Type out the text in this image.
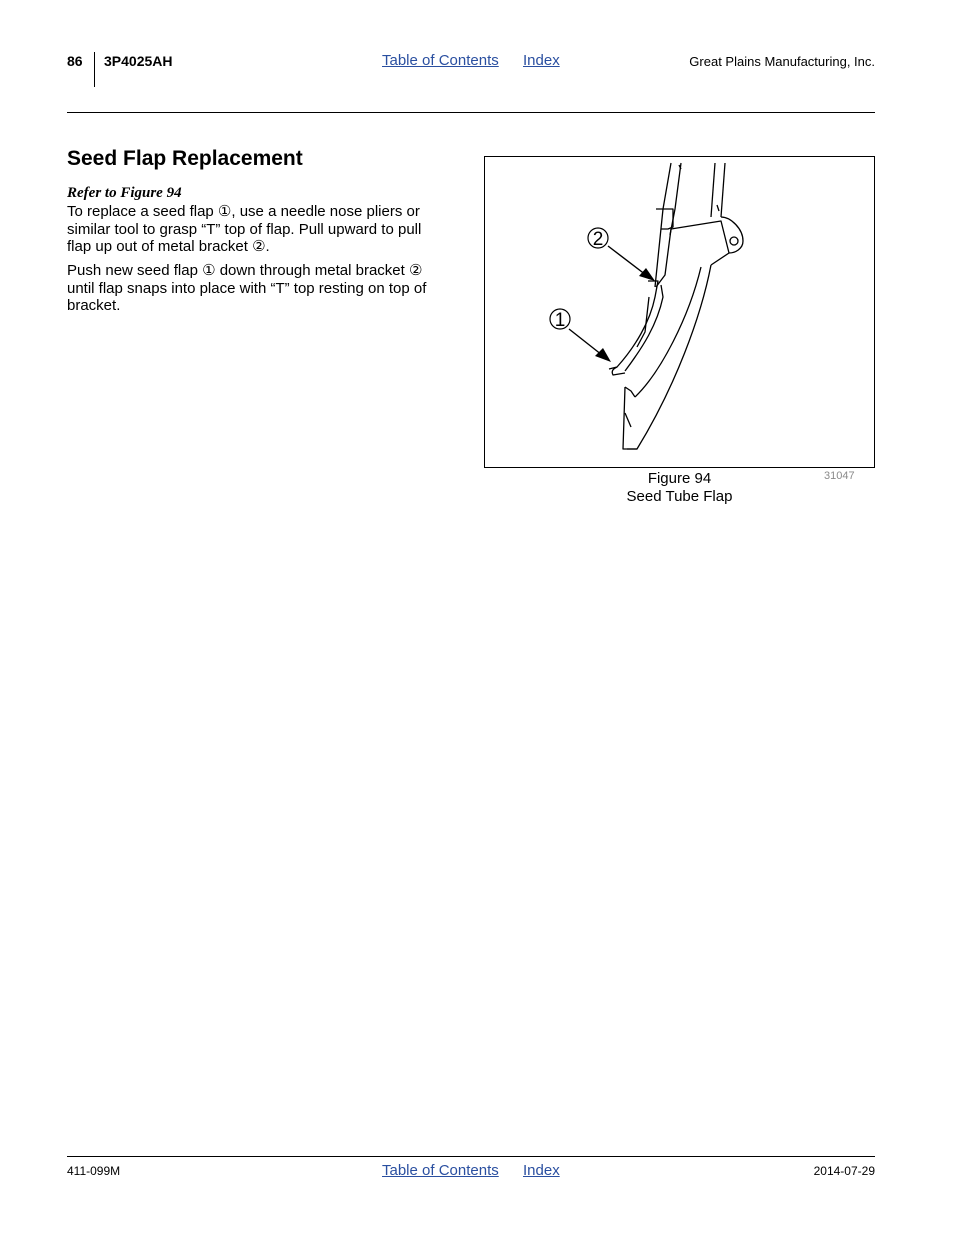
86 3P4025AH	Table of Contents Index	Great Plains Manufacturing, Inc.
Seed Flap Replacement
Refer to Figure 94
To replace a seed flap ①, use a needle nose pliers or similar tool to grasp “T” top of flap. Pull upward to pull flap up out of metal bracket ②.
Push new seed flap ① down through metal bracket ② until flap snaps into place with “T” top resting on top of bracket.
2
1
Figure 94
Seed Tube Flap
31047
411-099M	Table of Contents Index	2014-07-29
